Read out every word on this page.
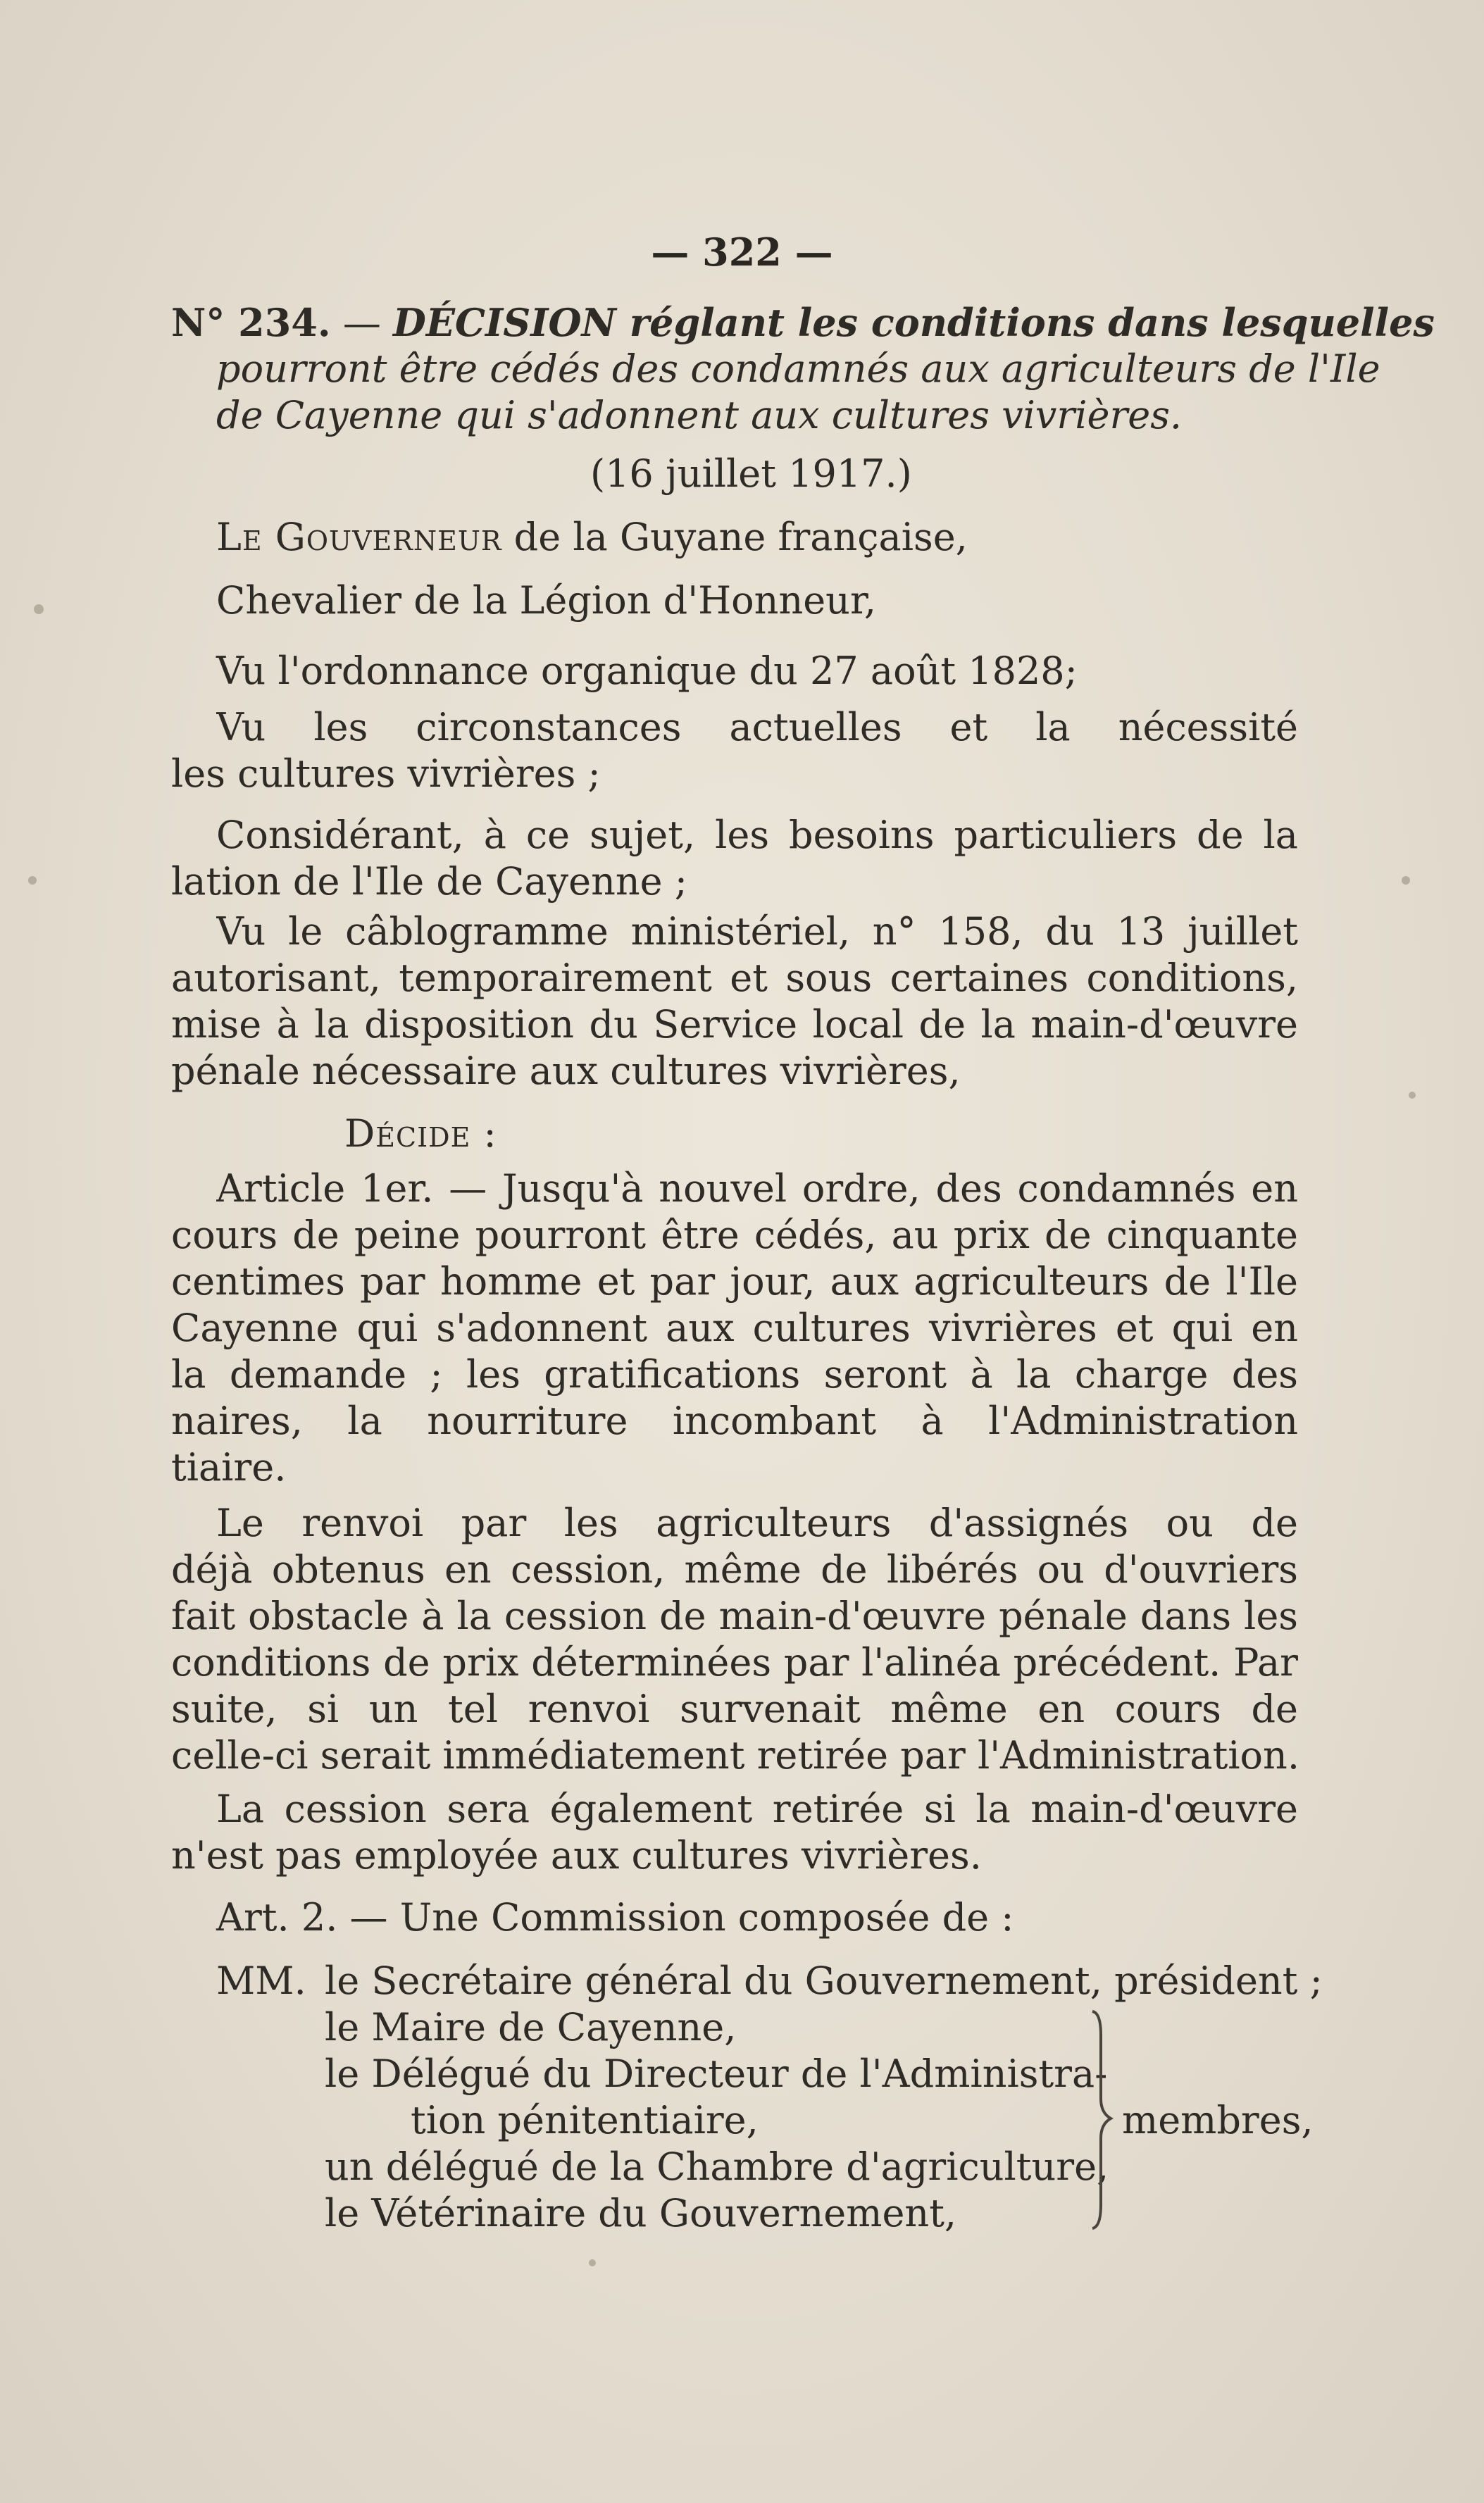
— 322 —
N° 234. — DÉCISION réglant les conditions dans lesquelles
pourront être cédés des condamnés aux agriculteurs de l'Ile
de Cayenne qui s'adonnent aux cultures vivrières.
(16 juillet 1917.)
Le Gouverneur de la Guyane française,
Chevalier de la Légion d'Honneur,
Vu l'ordonnance organique du 27 août 1828;
Vu les circonstances actuelles et la nécessité
les cultures vivrières ;
Considérant, à ce sujet, les besoins particuliers de la
lation de l'Ile de Cayenne ;
Vu le câblogramme ministériel, n° 158, du 13 juillet
autorisant, temporairement et sous certaines conditions,
mise à la disposition du Service local de la main-d'œuvre
pénale nécessaire aux cultures vivrières,
Décide :
Article 1er. — Jusqu'à nouvel ordre, des condamnés en
cours de peine pourront être cédés, au prix de cinquante
centimes par homme et par jour, aux agriculteurs de l'Ile
Cayenne qui s'adonnent aux cultures vivrières et qui en
la demande ; les gratifications seront à la charge des
naires, la nourriture incombant à l'Administration
tiaire.
Le renvoi par les agriculteurs d'assignés ou de
déjà obtenus en cession, même de libérés ou d'ouvriers
fait obstacle à la cession de main-d'œuvre pénale dans les
conditions de prix déterminées par l'alinéa précédent. Par
suite, si un tel renvoi survenait même en cours de
celle-ci serait immédiatement retirée par l'Administration.
La cession sera également retirée si la main-d'œuvre
n'est pas employée aux cultures vivrières.
Art. 2. — Une Commission composée de :
MM. le Secrétaire général du Gouvernement, président ;
le Maire de Cayenne,
le Délégué du Directeur de l'Administra-
tion pénitentiaire,
un délégué de la Chambre d'agriculture,
le Vétérinaire du Gouvernement,
membres,
